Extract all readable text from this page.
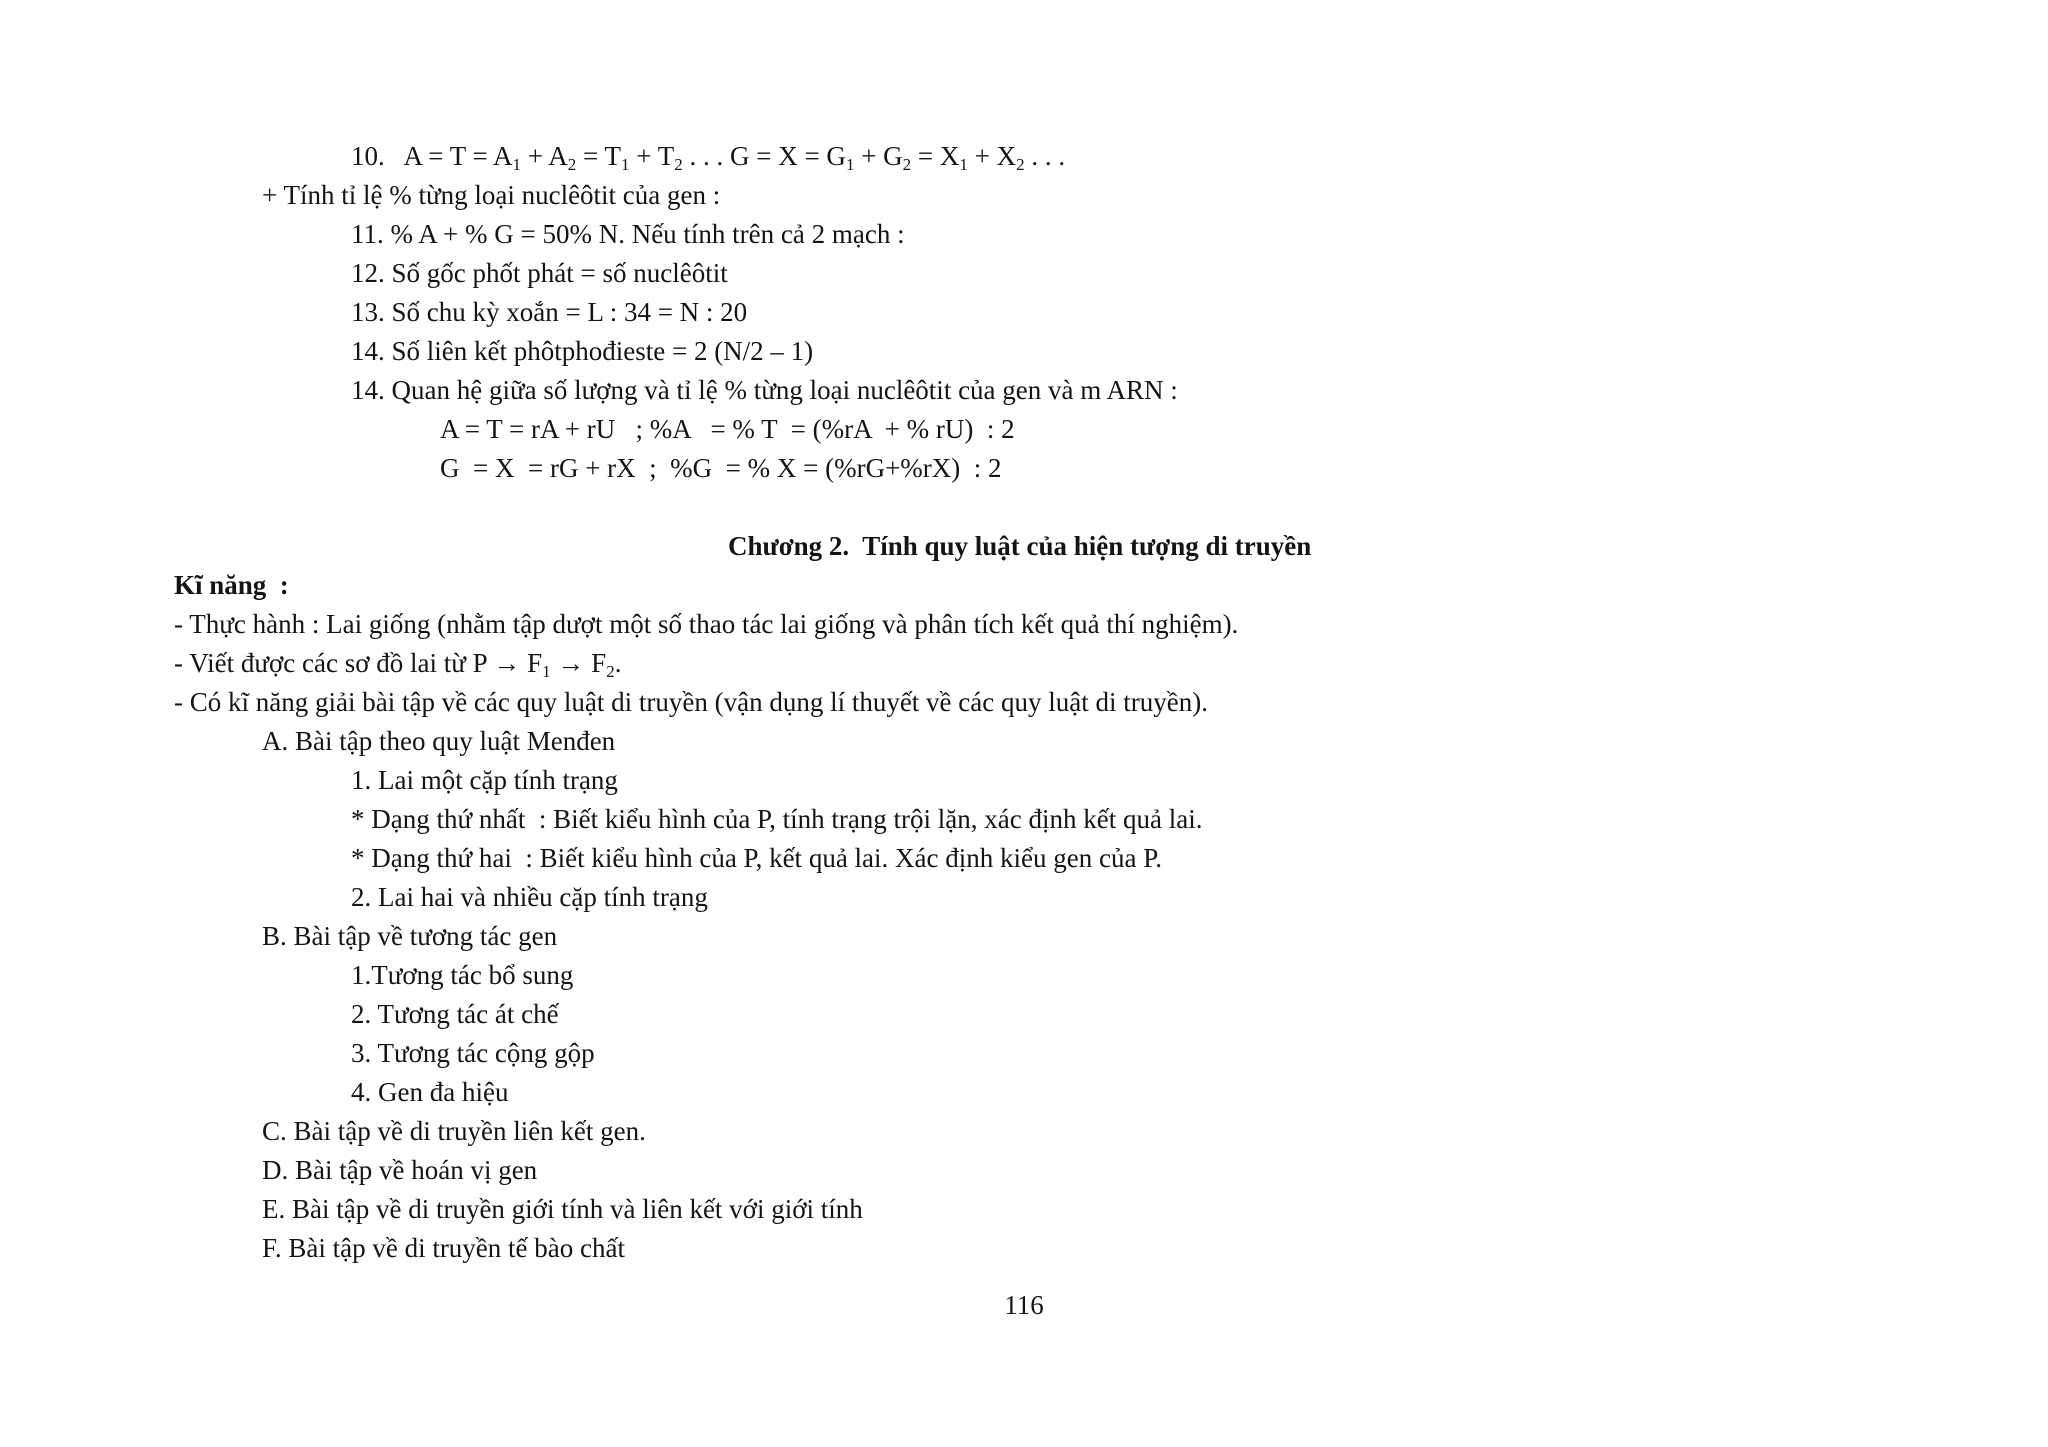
10. $A = T = A_1 + A_2 = T_1 + T_2$ . . . $G = X = G_1 + G_2 = X_1 + X_2$ . . .
+ Tính tỉ lệ % từng loại nuclêôtit của gen :
11. % A + % G = 50% N. Nếu tính trên cả 2 mạch :
12. Số gốc phốt phát = số nuclêôtit
13. Số chu kỳ xoắn = L : 34 = N : 20
14. Số liên kết phôtphođieste = 2 (N/2 – 1)
14. Quan hệ giữa số lượng và tỉ lệ % từng loại nuclêôtit của gen và m ARN :
A = T = rA + rU   ; %A   = % T  = (%rA  + % rU)  : 2
G  = X  = rG + rX  ;  %G  = % X = (%rG+%rX)  : 2
Chương 2.  Tính quy luật của hiện tượng di truyền
Kĩ năng  :
- Thực hành : Lai giống (nhằm tập dượt một số thao tác lai giống và phân tích kết quả thí nghiệm).
- Viết được các sơ đồ lai từ $P \to F_1 \to F_2$.
- Có kĩ năng giải bài tập về các quy luật di truyền (vận dụng lí thuyết về các quy luật di truyền).
A. Bài tập theo quy luật Menđen
1. Lai một cặp tính trạng
* Dạng thứ nhất  : Biết kiểu hình của P, tính trạng trội lặn, xác định kết quả lai.
* Dạng thứ hai  : Biết kiểu hình của P, kết quả lai. Xác định kiểu gen của P.
2. Lai hai và nhiều cặp tính trạng
B. Bài tập về tương tác gen
1.Tương tác bổ sung
2. Tương tác át chế
3. Tương tác cộng gộp
4. Gen đa hiệu
C. Bài tập về di truyền liên kết gen.
D. Bài tập về hoán vị gen
E. Bài tập về di truyền giới tính và liên kết với giới tính
F. Bài tập về di truyền tế bào chất
116
